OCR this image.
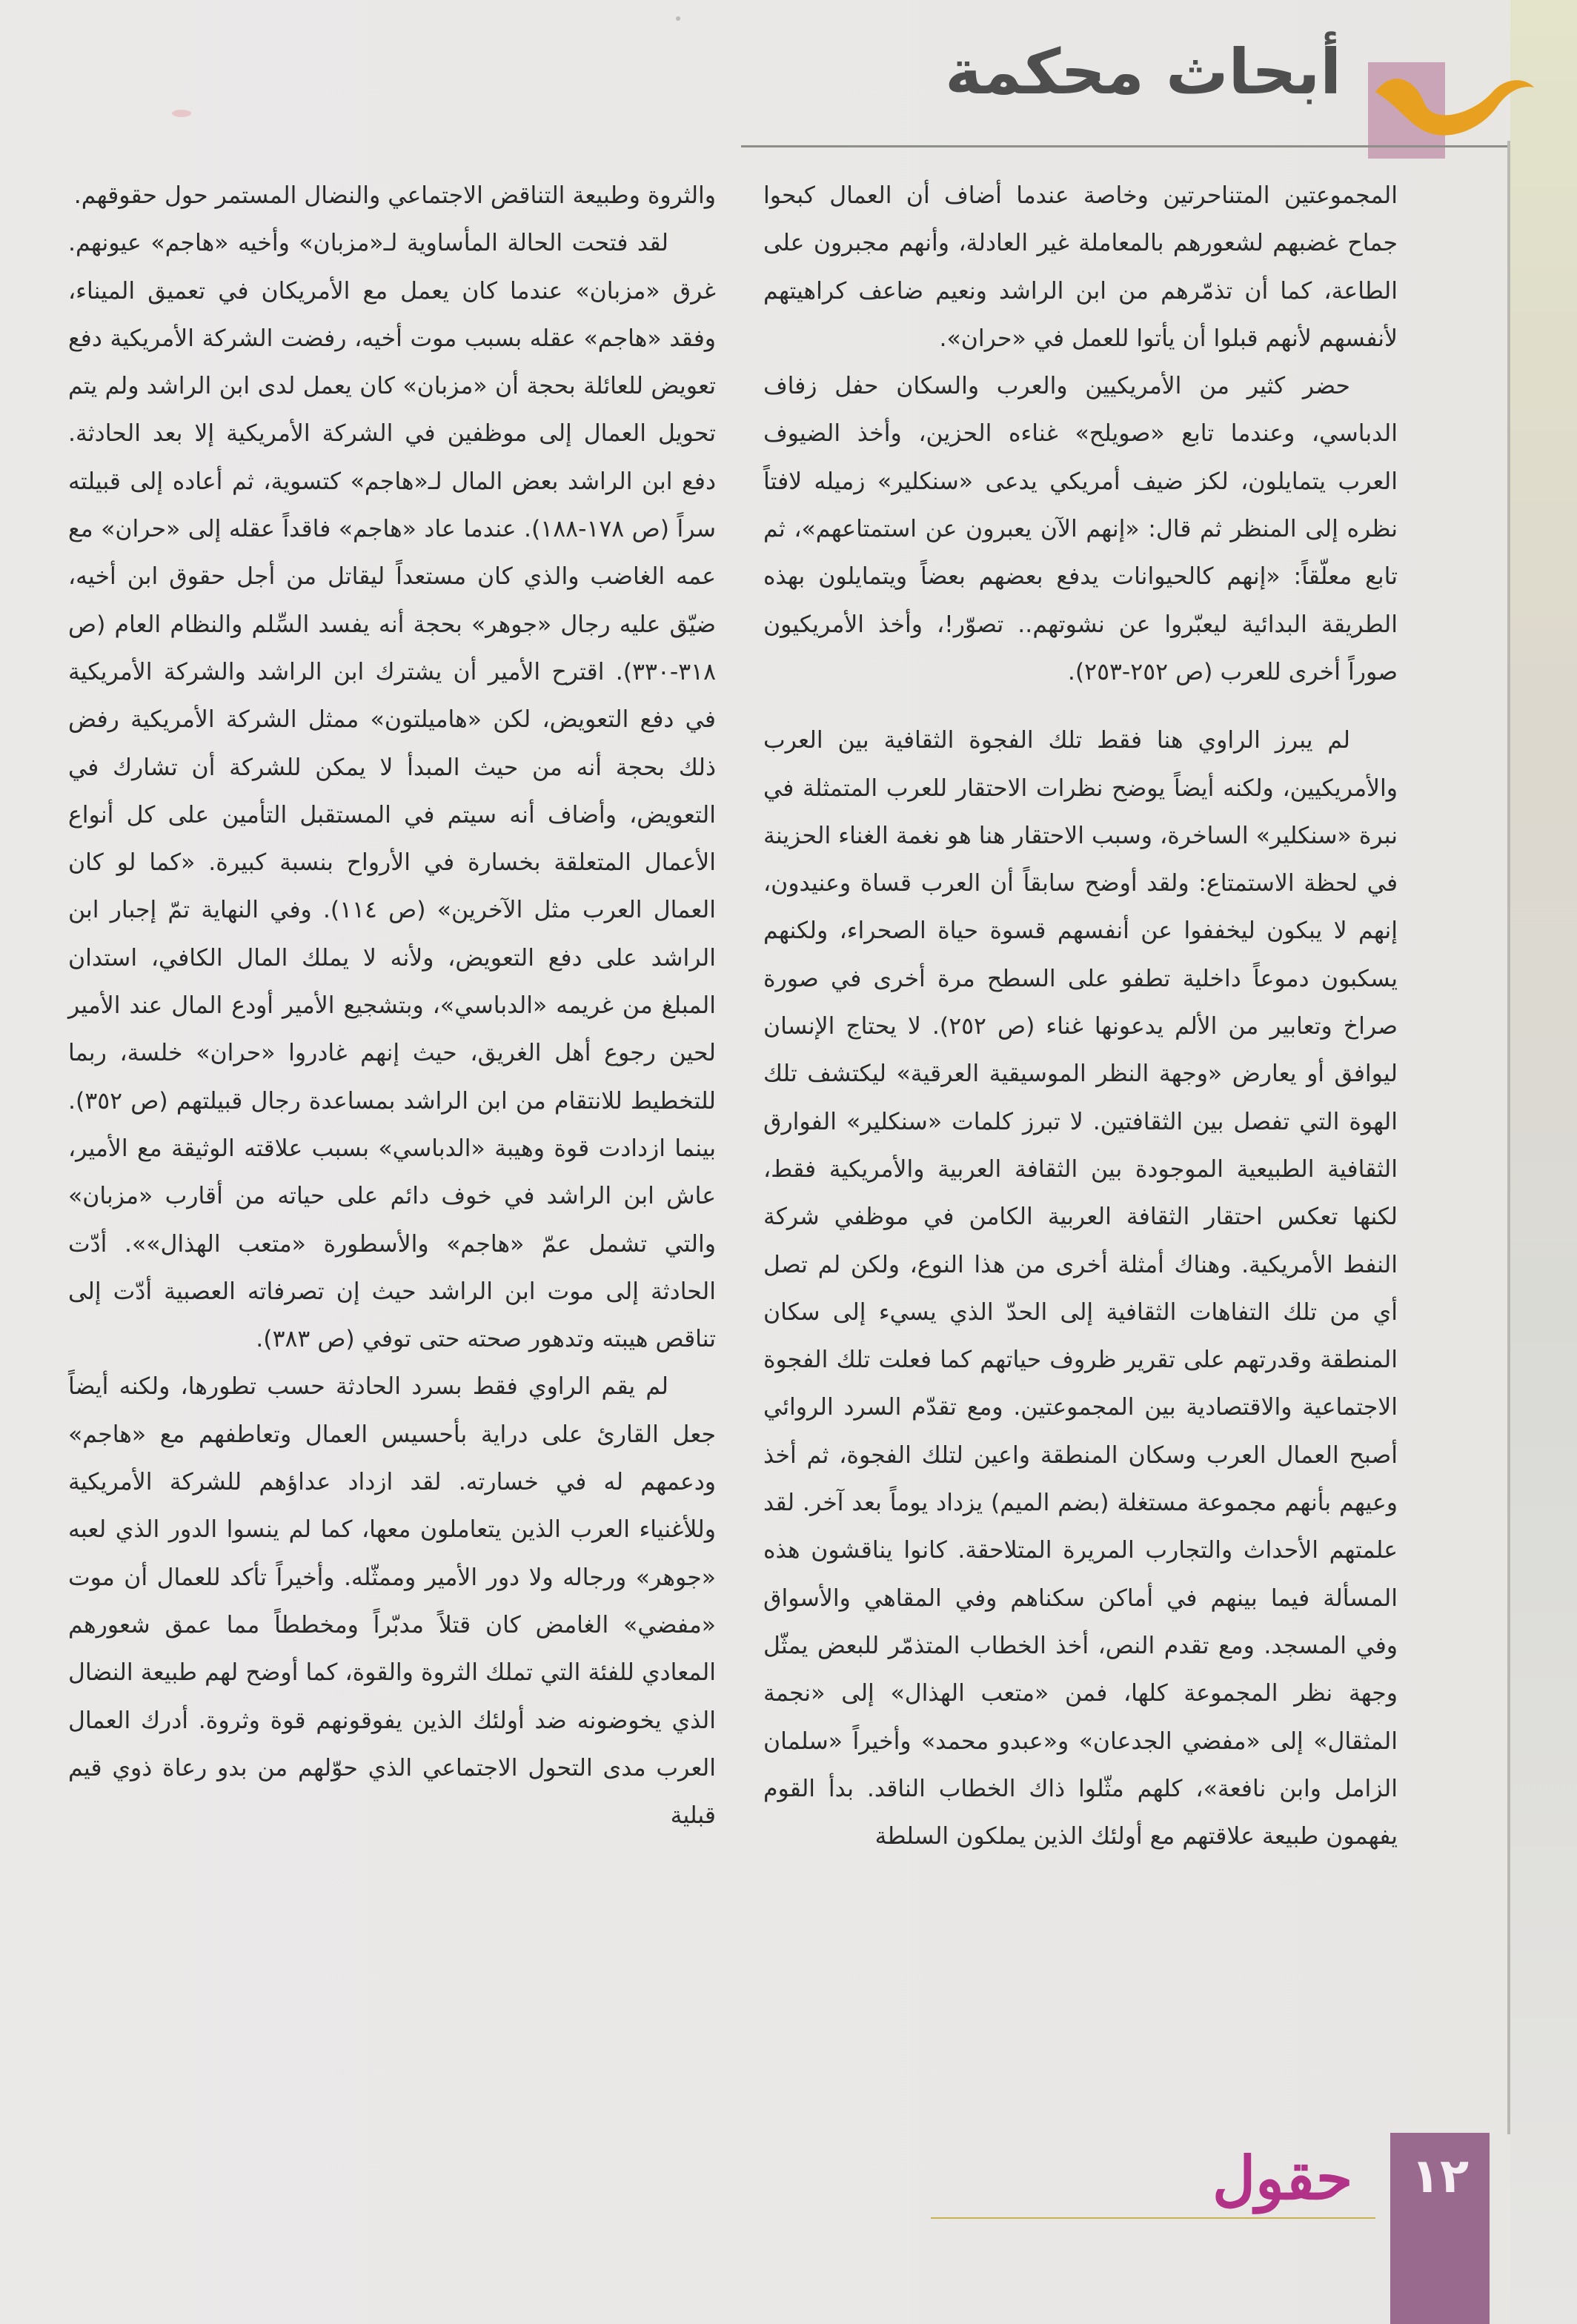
أبحاث محكمة

المجموعتين المتناحرتين وخاصة عندما أضاف أن العمال كبحوا جماح غضبهم لشعورهم بالمعاملة غير العادلة، وأنهم مجبرون على الطاعة، كما أن تذمّرهم من ابن الراشد ونعيم ضاعف كراهيتهم لأنفسهم لأنهم قبلوا أن يأتوا للعمل في «حران».

حضر كثير من الأمريكيين والعرب والسكان حفل زفاف الدباسي، وعندما تابع «صويلح» غناءه الحزين، وأخذ الضيوف العرب يتمايلون، لكز ضيف أمريكي يدعى «سنكلير» زميله لافتاً نظره إلى المنظر ثم قال: «إنهم الآن يعبرون عن استمتاعهم»، ثم تابع معلّقاً: «إنهم كالحيوانات يدفع بعضهم بعضاً ويتمايلون بهذه الطريقة البدائية ليعبّروا عن نشوتهم.. تصوّر!، وأخذ الأمريكيون صوراً أخرى للعرب (ص ٢٥٢-٢٥٣).

لم يبرز الراوي هنا فقط تلك الفجوة الثقافية بين العرب والأمريكيين، ولكنه أيضاً يوضح نظرات الاحتقار للعرب المتمثلة في نبرة «سنكلير» الساخرة، وسبب الاحتقار هنا هو نغمة الغناء الحزينة في لحظة الاستمتاع: ولقد أوضح سابقاً أن العرب قساة وعنيدون، إنهم لا يبكون ليخففوا عن أنفسهم قسوة حياة الصحراء، ولكنهم يسكبون دموعاً داخلية تطفو على السطح مرة أخرى في صورة صراخ وتعابير من الألم يدعونها غناء (ص ٢٥٢). لا يحتاج الإنسان ليوافق أو يعارض «وجهة النظر الموسيقية العرقية» ليكتشف تلك الهوة التي تفصل بين الثقافتين. لا تبرز كلمات «سنكلير» الفوارق الثقافية الطبيعية الموجودة بين الثقافة العربية والأمريكية فقط، لكنها تعكس احتقار الثقافة العربية الكامن في موظفي شركة النفط الأمريكية. وهناك أمثلة أخرى من هذا النوع، ولكن لم تصل أي من تلك التفاهات الثقافية إلى الحدّ الذي يسيء إلى سكان المنطقة وقدرتهم على تقرير ظروف حياتهم كما فعلت تلك الفجوة الاجتماعية والاقتصادية بين المجموعتين. ومع تقدّم السرد الروائي أصبح العمال العرب وسكان المنطقة واعين لتلك الفجوة، ثم أخذ وعيهم بأنهم مجموعة مستغلة (بضم الميم) يزداد يوماً بعد آخر. لقد علمتهم الأحداث والتجارب المريرة المتلاحقة. كانوا يناقشون هذه المسألة فيما بينهم في أماكن سكناهم وفي المقاهي والأسواق وفي المسجد. ومع تقدم النص، أخذ الخطاب المتذمّر للبعض يمثّل وجهة نظر المجموعة كلها، فمن «متعب الهذال» إلى «نجمة المثقال» إلى «مفضي الجدعان» و«عبدو محمد» وأخيراً «سلمان الزامل وابن نافعة»، كلهم مثّلوا ذاك الخطاب الناقد. بدأ القوم يفهمون طبيعة علاقتهم مع أولئك الذين يملكون السلطة

والثروة وطبيعة التناقض الاجتماعي والنضال المستمر حول حقوقهم.

لقد فتحت الحالة المأساوية لـ«مزبان» وأخيه «هاجم» عيونهم. غرق «مزبان» عندما كان يعمل مع الأمريكان في تعميق الميناء، وفقد «هاجم» عقله بسبب موت أخيه، رفضت الشركة الأمريكية دفع تعويض للعائلة بحجة أن «مزبان» كان يعمل لدى ابن الراشد ولم يتم تحويل العمال إلى موظفين في الشركة الأمريكية إلا بعد الحادثة. دفع ابن الراشد بعض المال لـ«هاجم» كتسوية، ثم أعاده إلى قبيلته سراً (ص ١٧٨-١٨٨). عندما عاد «هاجم» فاقداً عقله إلى «حران» مع عمه الغاضب والذي كان مستعداً ليقاتل من أجل حقوق ابن أخيه، ضيّق عليه رجال «جوهر» بحجة أنه يفسد السِّلم والنظام العام (ص ٣١٨-٣٣٠). اقترح الأمير أن يشترك ابن الراشد والشركة الأمريكية في دفع التعويض، لكن «هاميلتون» ممثل الشركة الأمريكية رفض ذلك بحجة أنه من حيث المبدأ لا يمكن للشركة أن تشارك في التعويض، وأضاف أنه سيتم في المستقبل التأمين على كل أنواع الأعمال المتعلقة بخسارة في الأرواح بنسبة كبيرة. «كما لو كان العمال العرب مثل الآخرين» (ص ١١٤). وفي النهاية تمّ إجبار ابن الراشد على دفع التعويض، ولأنه لا يملك المال الكافي، استدان المبلغ من غريمه «الدباسي»، وبتشجيع الأمير أودع المال عند الأمير لحين رجوع أهل الغريق، حيث إنهم غادروا «حران» خلسة، ربما للتخطيط للانتقام من ابن الراشد بمساعدة رجال قبيلتهم (ص ٣٥٢). بينما ازدادت قوة وهيبة «الدباسي» بسبب علاقته الوثيقة مع الأمير، عاش ابن الراشد في خوف دائم على حياته من أقارب «مزبان» والتي تشمل عمّ «هاجم» والأسطورة «متعب الهذال»». أدّت الحادثة إلى موت ابن الراشد حيث إن تصرفاته العصبية أدّت إلى تناقص هيبته وتدهور صحته حتى توفي (ص ٣٨٣).

لم يقم الراوي فقط بسرد الحادثة حسب تطورها، ولكنه أيضاً جعل القارئ على دراية بأحسيس العمال وتعاطفهم مع «هاجم» ودعمهم له في خسارته. لقد ازداد عداؤهم للشركة الأمريكية وللأغنياء العرب الذين يتعاملون معها، كما لم ينسوا الدور الذي لعبه «جوهر» ورجاله ولا دور الأمير وممثّله. وأخيراً تأكد للعمال أن موت «مفضي» الغامض كان قتلاً مدبّراً ومخططاً مما عمق شعورهم المعادي للفئة التي تملك الثروة والقوة، كما أوضح لهم طبيعة النضال الذي يخوضونه ضد أولئك الذين يفوقونهم قوة وثروة. أدرك العمال العرب مدى التحول الاجتماعي الذي حوّلهم من بدو رعاة ذوي قيم قبلية

حقول	١٢
